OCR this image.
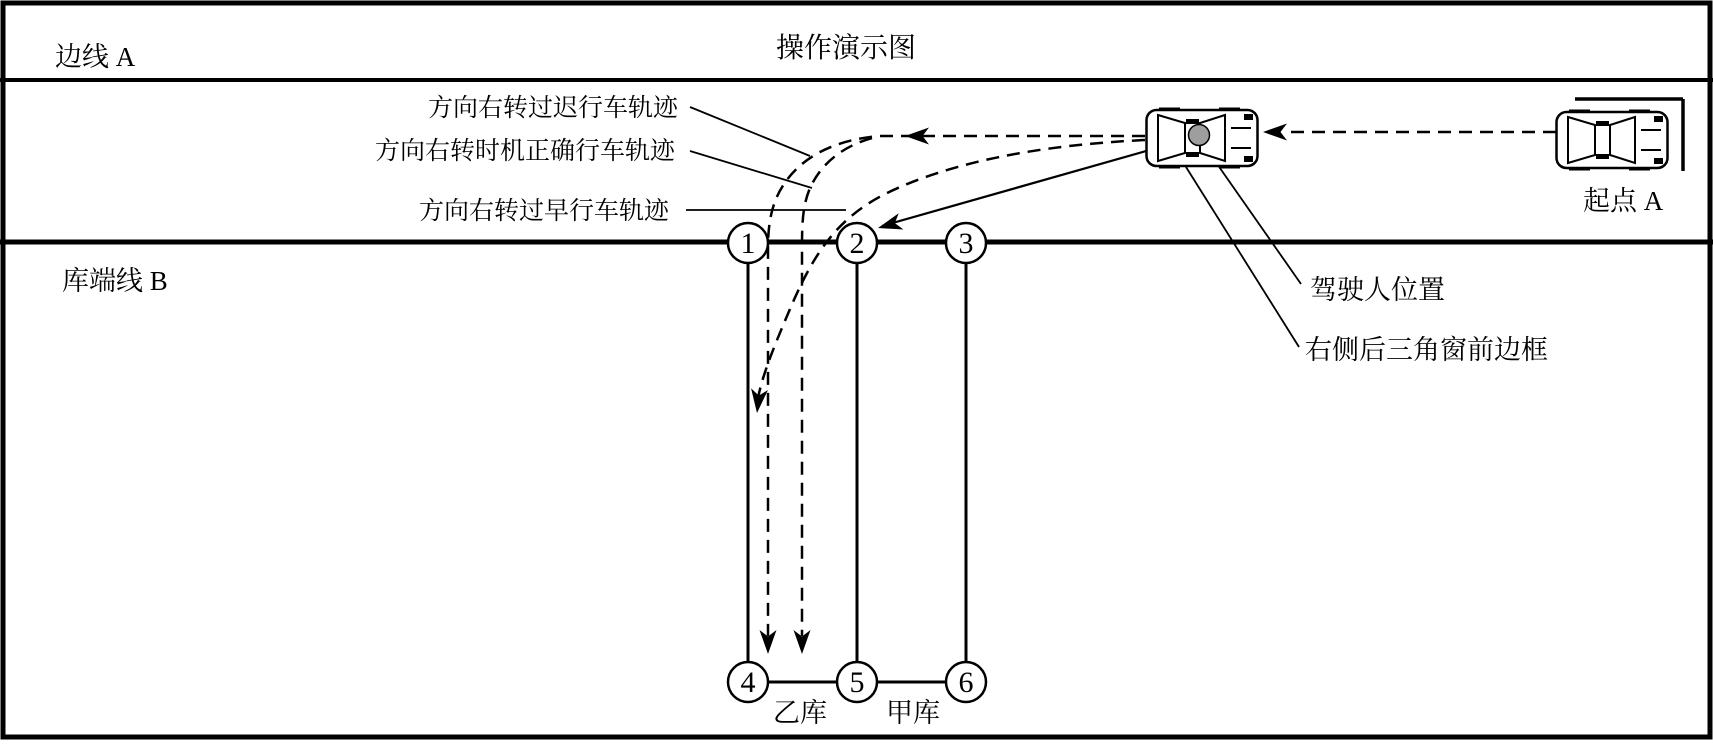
1	2	3
4	5	6
操作演示图
边线 A
库端线 B
方向右转过迟行车轨迹
方向右转时机正确行车轨迹
方向右转过早行车轨迹
驾驶人位置
右侧后三角窗前边框
起点 A
乙库 甲库
